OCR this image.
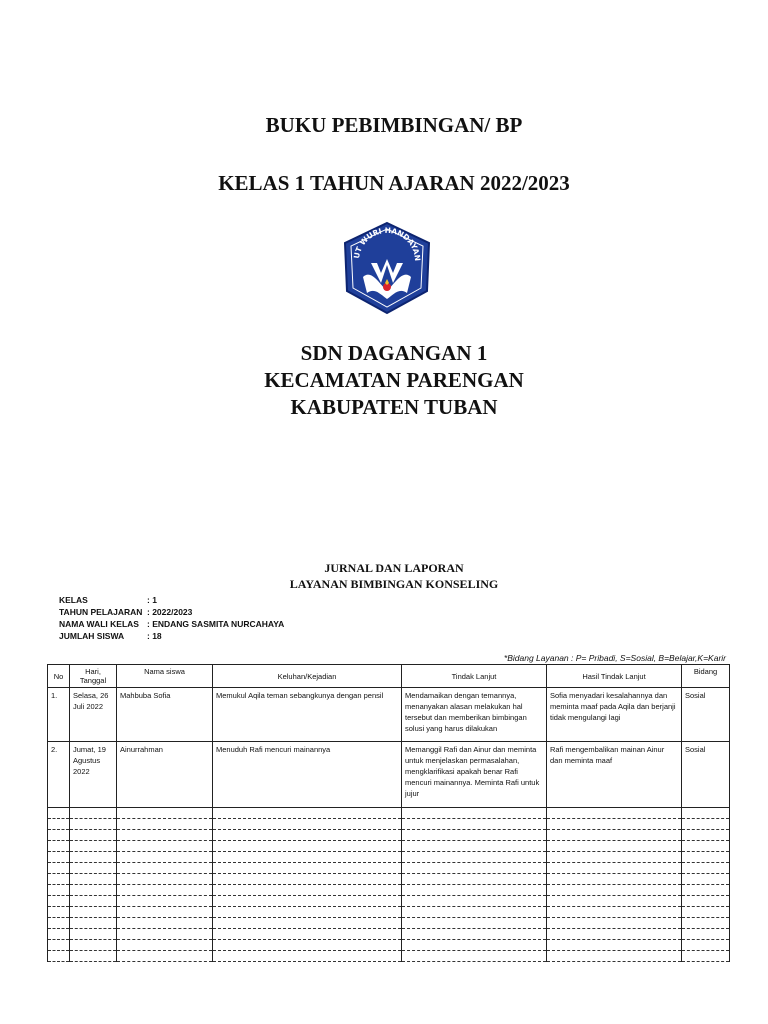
BUKU PEBIMBINGAN/ BP
KELAS 1 TAHUN AJARAN 2022/2023
UT WURI HANDAYAN
SDN DAGANGAN 1
KECAMATAN PARENGAN
KABUPATEN TUBAN
JURNAL DAN LAPORAN
LAYANAN BIMBINGAN KONSELING
KELAS	: 1
TAHUN PELAJARAN : 2022/2023
NAMA WALI KELAS : ENDANG SASMITA NURCAHAYA
JUMLAH SISWA	: 18
*Bidang Layanan : P= Pribadi, S=Sosial, B=Belajar,K=Karir
No	Hari, Tanggal	Nama siswa	Keluhan/Kejadian	Tindak Lanjut	Hasil Tindak Lanjut	Bidang
1.	Selasa, 26 Juli 2022	Mahbuba Sofia	Memukul Aqila teman sebangkunya dengan pensil	Mendamaikan dengan temannya, menanyakan alasan melakukan hal tersebut dan memberikan bimbingan solusi yang harus dilakukan	Sofia menyadari kesalahannya dan meminta maaf pada Aqila dan berjanji tidak mengulangi lagi	Sosial
2.	Jumat, 19 Agustus 2022	Ainurrahman	Menuduh Rafi mencuri mainannya	Memanggil Rafi dan Ainur dan meminta untuk menjelaskan permasalahan, mengklarifikasi apakah benar Rafi mencuri mainannya. Meminta Rafi untuk jujur	Rafi mengembalikan mainan Ainur dan meminta maaf	Sosial
